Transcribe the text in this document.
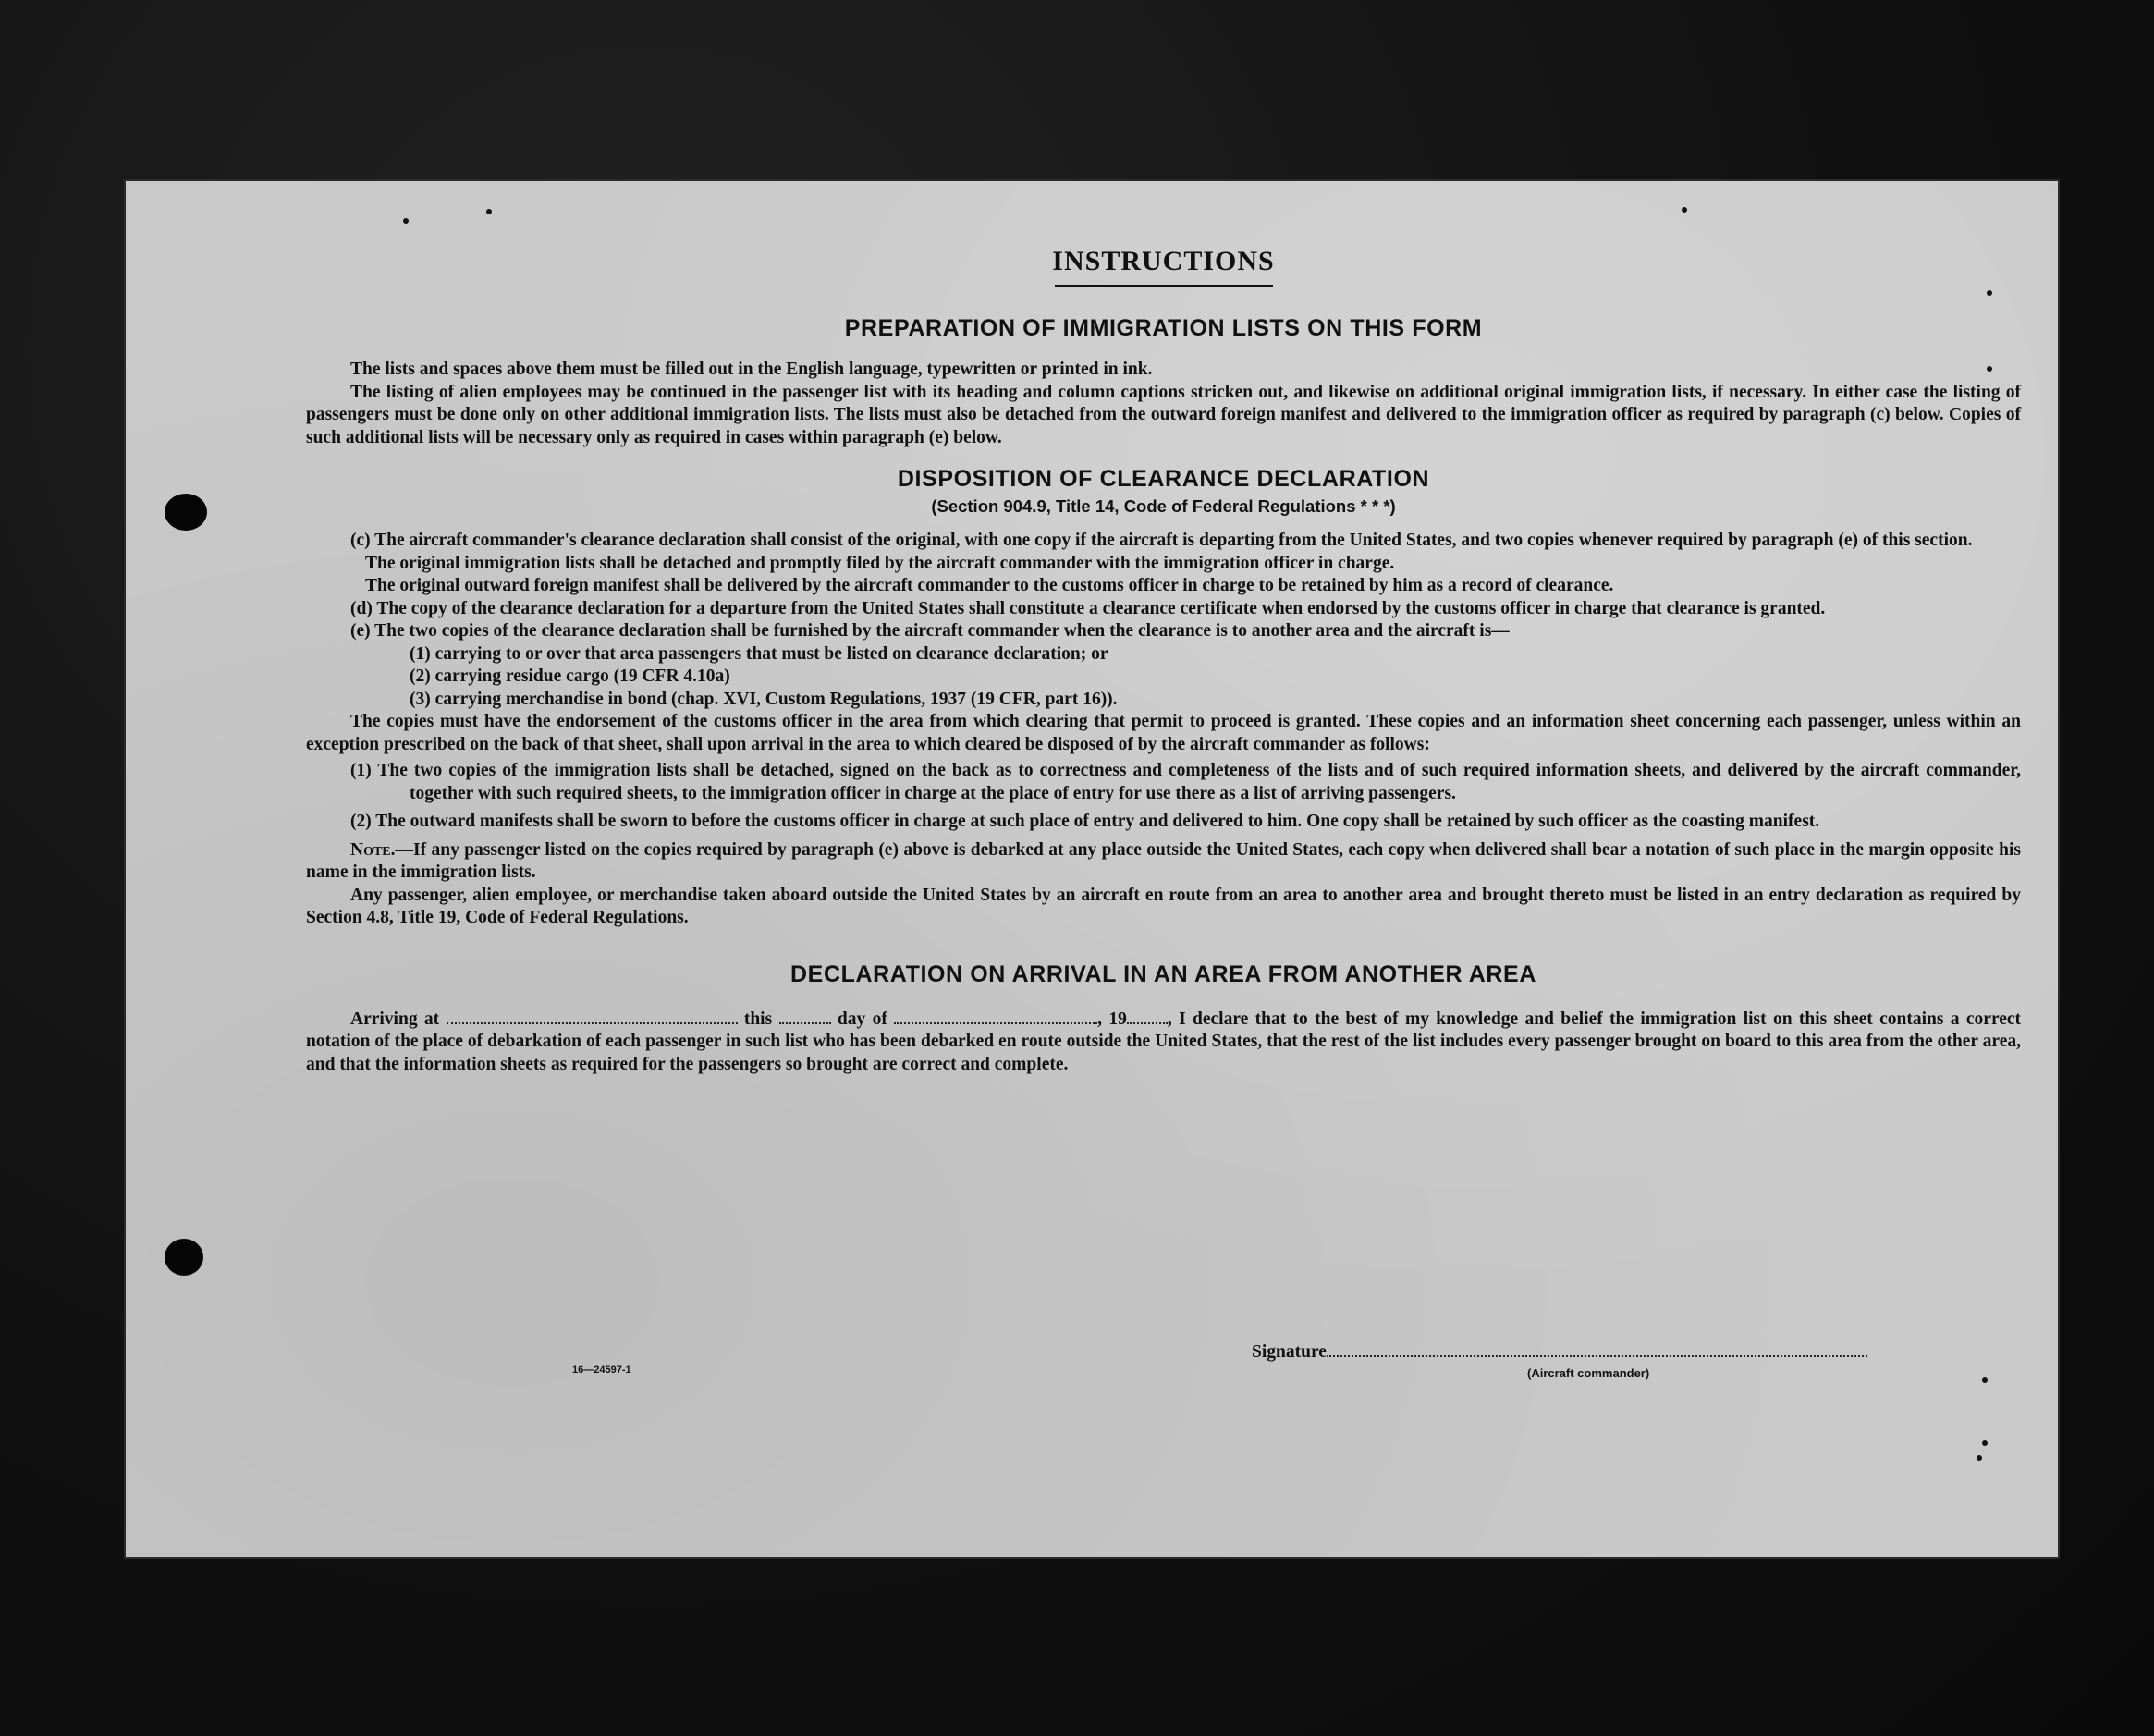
INSTRUCTIONS
PREPARATION OF IMMIGRATION LISTS ON THIS FORM

The lists and spaces above them must be filled out in the English language, typewritten or printed in ink.

The listing of alien employees may be continued in the passenger list with its heading and column captions stricken out, and likewise on additional original immigration lists, if necessary. In either case the listing of passengers must be done only on other additional immigration lists. The lists must also be detached from the outward foreign manifest and delivered to the immigration officer as required by paragraph (c) below. Copies of such additional lists will be necessary only as required in cases within paragraph (e) below.

DISPOSITION OF CLEARANCE DECLARATION
(Section 904.9, Title 14, Code of Federal Regulations * * *)

(c) The aircraft commander's clearance declaration shall consist of the original, with one copy if the aircraft is departing from the United States, and two copies whenever required by paragraph (e) of this section.

The original immigration lists shall be detached and promptly filed by the aircraft commander with the immigration officer in charge.

The original outward foreign manifest shall be delivered by the aircraft commander to the customs officer in charge to be retained by him as a record of clearance.

(d) The copy of the clearance declaration for a departure from the United States shall constitute a clearance certificate when endorsed by the customs officer in charge that clearance is granted.

(e) The two copies of the clearance declaration shall be furnished by the aircraft commander when the clearance is to another area and the aircraft is—

(1) carrying to or over that area passengers that must be listed on clearance declaration; or

(2) carrying residue cargo (19 CFR 4.10a)

(3) carrying merchandise in bond (chap. XVI, Custom Regulations, 1937 (19 CFR, part 16)).

The copies must have the endorsement of the customs officer in the area from which clearing that permit to proceed is granted. These copies and an information sheet concerning each passenger, unless within an exception prescribed on the back of that sheet, shall upon arrival in the area to which cleared be disposed of by the aircraft commander as follows:

(1) The two copies of the immigration lists shall be detached, signed on the back as to correctness and completeness of the lists and of such required information sheets, and delivered by the aircraft commander, together with such required sheets, to the immigration officer in charge at the place of entry for use there as a list of arriving passengers.

(2) The outward manifests shall be sworn to before the customs officer in charge at such place of entry and delivered to him. One copy shall be retained by such officer as the coasting manifest.

Note.—If any passenger listed on the copies required by paragraph (e) above is debarked at any place outside the United States, each copy when delivered shall bear a notation of such place in the margin opposite his name in the immigration lists.

Any passenger, alien employee, or merchandise taken aboard outside the United States by an aircraft en route from an area to another area and brought thereto must be listed in an entry declaration as required by Section 4.8, Title 19, Code of Federal Regulations.

DECLARATION ON ARRIVAL IN AN AREA FROM ANOTHER AREA

Arriving at	this	day of	, 19 , I declare that to the best of my knowledge and belief the immigration list on this sheet contains a correct notation of the place of debarkation of each passenger in such list who has been debarked en route outside the United States, that the rest of the list includes every passenger brought on board to this area from the other area, and that the information sheets as required for the passengers so brought are correct and complete.

16—24597-1
Signature
(Aircraft commander)
